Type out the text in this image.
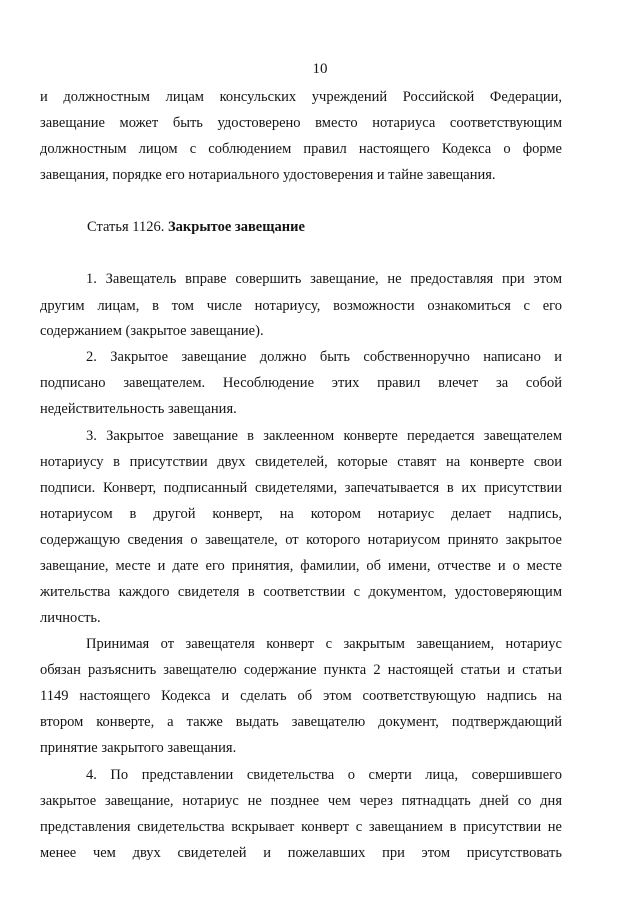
10
и должностным лицам консульских учреждений Российской Федерации,
завещание может быть удостоверено вместо нотариуса соответствующим
должностным лицом с соблюдением правил настоящего Кодекса о форме
завещания, порядке его нотариального удостоверения и тайне завещания.
Статья 1126. Закрытое завещание
1. Завещатель вправе совершить завещание, не предоставляя при этом
другим лицам, в том числе нотариусу, возможности ознакомиться с его
содержанием (закрытое завещание).
2. Закрытое завещание должно быть собственноручно написано и
подписано завещателем. Несоблюдение этих правил влечет за собой
недействительность завещания.
3. Закрытое завещание в заклеенном конверте передается завещателем
нотариусу в присутствии двух свидетелей, которые ставят на конверте свои
подписи. Конверт, подписанный свидетелями, запечатывается в их присутствии
нотариусом в другой конверт, на котором нотариус делает надпись,
содержащую сведения о завещателе, от которого нотариусом принято закрытое
завещание, месте и дате его принятия, фамилии, об имени, отчестве и о месте
жительства каждого свидетеля в соответствии с документом, удостоверяющим
личность.
Принимая от завещателя конверт с закрытым завещанием, нотариус
обязан разъяснить завещателю содержание пункта 2 настоящей статьи и статьи
1149 настоящего Кодекса и сделать об этом соответствующую надпись на
втором конверте, а также выдать завещателю документ, подтверждающий
принятие закрытого завещания.
4. По представлении свидетельства о смерти лица, совершившего
закрытое завещание, нотариус не позднее чем через пятнадцать дней со дня
представления свидетельства вскрывает конверт с завещанием в присутствии не
менее чем двух свидетелей и пожелавших при этом присутствовать
